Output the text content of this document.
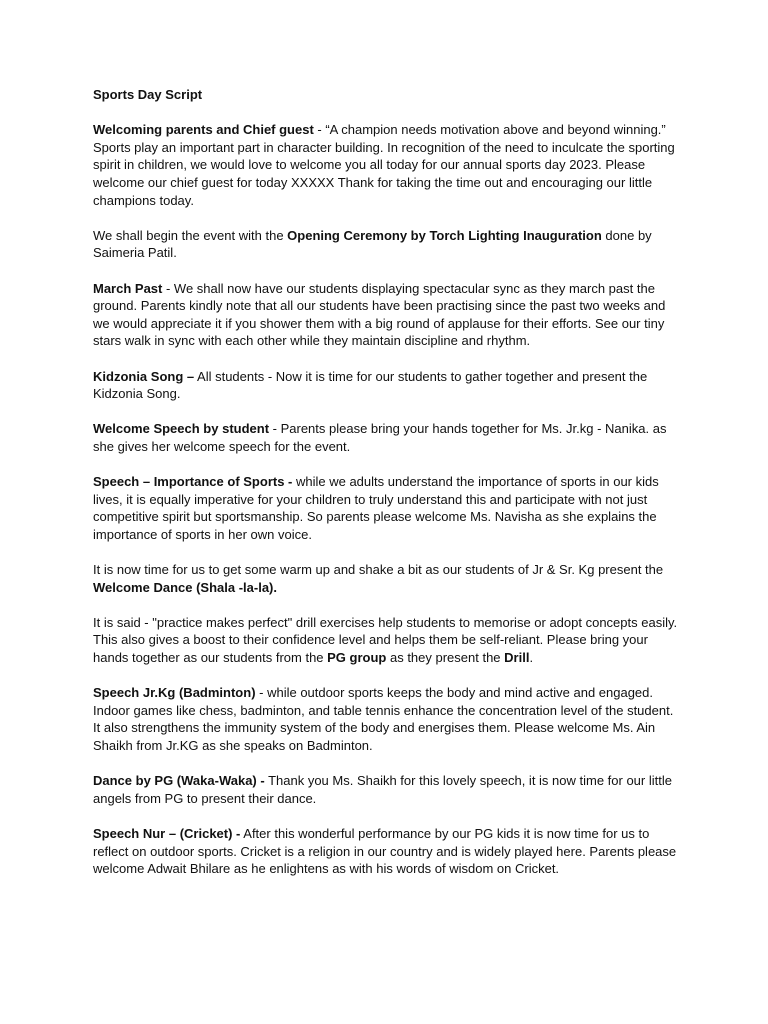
Sports Day Script
Welcoming parents and Chief guest - “A champion needs motivation above and beyond winning.” Sports play an important part in character building. In recognition of the need to inculcate the sporting spirit in children, we would love to welcome you all today for our annual sports day 2023. Please welcome our chief guest for today XXXXX Thank for taking the time out and encouraging our little champions today.
We shall begin the event with the Opening Ceremony by Torch Lighting Inauguration done by Saimeria Patil.
March Past - We shall now have our students displaying spectacular sync as they march past the ground. Parents kindly note that all our students have been practising since the past two weeks and we would appreciate it if you shower them with a big round of applause for their efforts. See our tiny stars walk in sync with each other while they maintain discipline and rhythm.
Kidzonia Song – All students - Now it is time for our students to gather together and present the Kidzonia Song.
Welcome Speech by student - Parents please bring your hands together for Ms. Jr.kg - Nanika. as she gives her welcome speech for the event.
Speech – Importance of Sports - while we adults understand the importance of sports in our kids lives, it is equally imperative for your children to truly understand this and participate with not just competitive spirit but sportsmanship. So parents please welcome Ms. Navisha as she explains the importance of sports in her own voice.
It is now time for us to get some warm up and shake a bit as our students of Jr & Sr. Kg present the Welcome Dance (Shala -la-la).
It is said - "practice makes perfect" drill exercises help students to memorise or adopt concepts easily. This also gives a boost to their confidence level and helps them be self-reliant. Please bring your hands together as our students from the PG group as they present the Drill.
Speech Jr.Kg (Badminton) - while outdoor sports keeps the body and mind active and engaged. Indoor games like chess, badminton, and table tennis enhance the concentration level of the student. It also strengthens the immunity system of the body and energises them. Please welcome Ms. Ain Shaikh from Jr.KG as she speaks on Badminton.
Dance by PG (Waka-Waka) - Thank you Ms. Shaikh for this lovely speech, it is now time for our little angels from PG to present their dance.
Speech Nur – (Cricket) - After this wonderful performance by our PG kids it is now time for us to reflect on outdoor sports. Cricket is a religion in our country and is widely played here. Parents please welcome Adwait Bhilare as he enlightens as with his words of wisdom on Cricket.
